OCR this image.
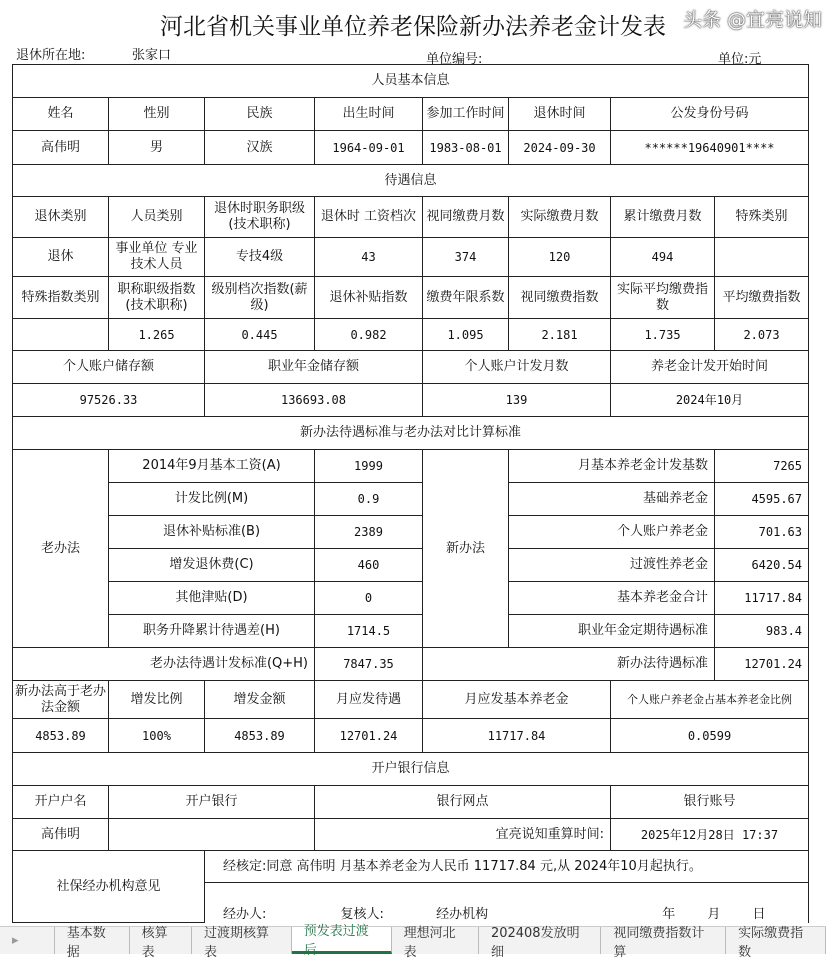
河北省机关事业单位养老保险新办法养老金计发表
退休所在地:	张家口	单位编号:	单位:元
人员基本信息							
姓名	性别	民族	出生时间	参加工作时间	退休时间	公发身份号码	
高伟明	男	汉族	1964-09-01	1983-08-01	2024-09-30	******19640901****	
待遇信息							
退休类别	人员类别	退休时职务职级(技术职称)	退休时 工资档次	视同缴费月数	实际缴费月数	累计缴费月数	特殊类别
退休	事业单位 专业技术人员	专技4级	43	374	120	494	
特殊指数类别	职称职级指数(技术职称)	级别档次指数(薪级)	退休补贴指数	缴费年限系数	视同缴费指数	实际平均缴费指数	平均缴费指数
	1.265	0.445	0.982	1.095	2.181	1.735	2.073
个人账户储存额		职业年金储存额		个人账户计发月数		养老金计发开始时间	
97526.33		136693.08		139		2024年10月	
新办法待遇标准与老办法对比计算标准							
老办法	2014年9月基本工资(A)		1999	新办法	月基本养老金计发基数		7265
	计发比例(M)		0.9		基础养老金		4595.67
	退休补贴标准(B)		2389		个人账户养老金		701.63
	增发退休费(C)		460		过渡性养老金		6420.54
	其他津贴(D)		0		基本养老金合计		11717.84
	职务升降累计待遇差(H)		1714.5		职业年金定期待遇标准		983.4
老办法待遇计发标准(Q+H)			7847.35	新办法待遇标准			12701.24
新办法高于老办法金额	增发比例	增发金额	月应发待遇	月应发基本养老金		个人账户养老金占基本养老金比例	
4853.89	100%	4853.89	12701.24	11717.84		0.0599	
开户银行信息							
开户户名	开户银行		银行网点			银行账号	
高伟明			宜亮说知重算时间:			2025年12月28日 17:37	
社保经办机构意见		经核定:同意 高伟明 月基本养老金为人民币 11717.84 元,从 2024年10月起执行。					
		经办人: 复核人: 经办机构 年 月 日					
▸	基本数据
核算表
过渡期核算表
预发表过渡后
理想河北表
202408发放明细
视同缴费指数计算
实际缴费指数
头条 @宜亮说知
